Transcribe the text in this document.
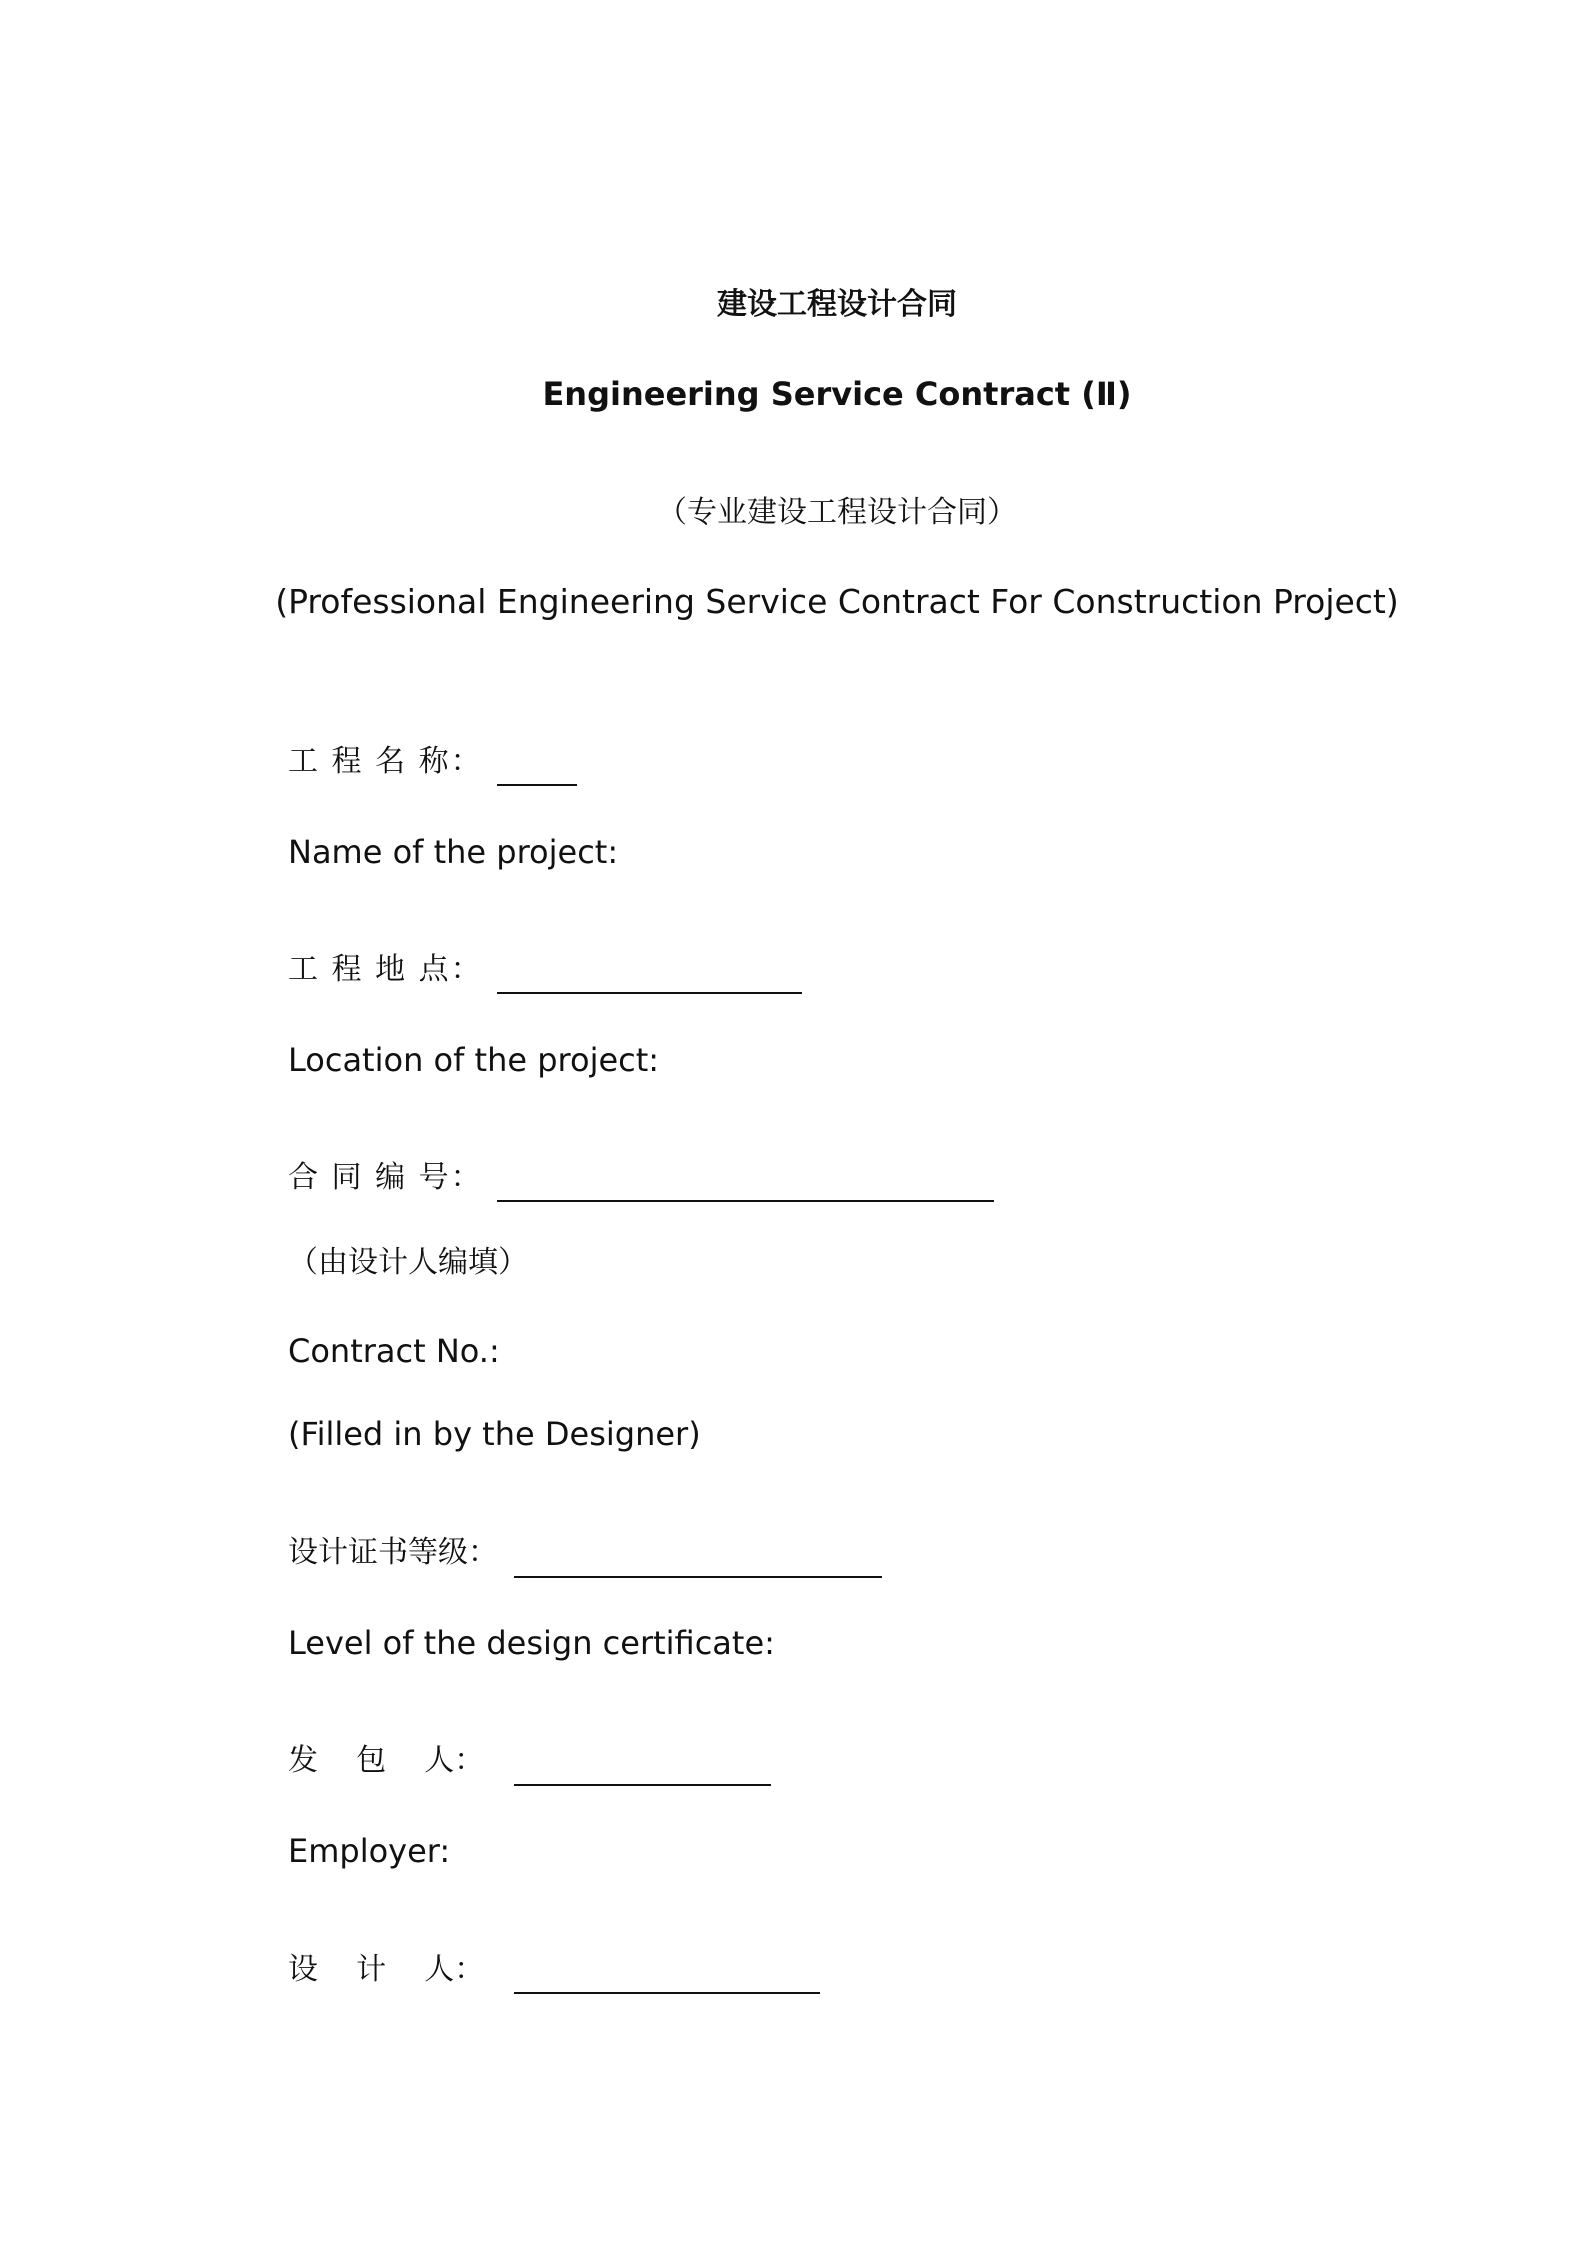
建设工程设计合同
Engineering Service Contract (Ⅱ)
（专业建设工程设计合同）
(Professional Engineering Service Contract For Construction Project)
工 程 名 称：
Name of the project:
工 程 地 点：
Location of the project:
合 同 编 号：
（由设计人编填）
Contract No.:
(Filled in by the Designer)
设计证书等级：
Level of the design certificate:
发    包    人：
Employer:
设    计    人：
